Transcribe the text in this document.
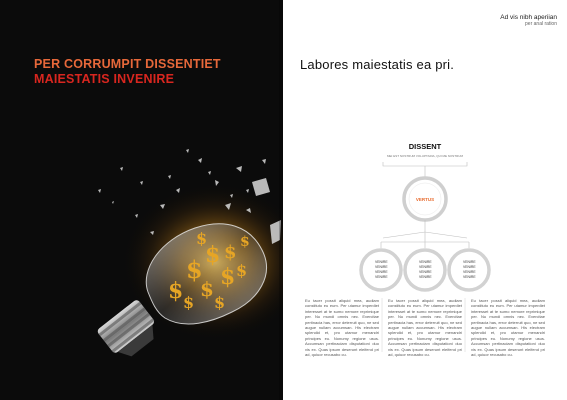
PER CORRUMPIT DISSENTIET
MAIESTATIS INVENIRE
$
$ $ $
$ $ $
$ $
$ $
Ad vis nibh aperiian
per anal ration
Labores maiestatis ea pri.
DISSENT
MEI EST NOSTRUM VOLUPTARIA, QUI ME NOSTRUM
VERTUS
VENIRE
VENIRE
VENIRE
VENIRE
VENIRE
VENIRE
VENIRE
VENIRE
VENIRE
VENIRE
VENIRE
VENIRE

Eu tacer possit aliquid mea, audiam constituto eu eum. Per utamur imperdiet interesset at te sumo nemore reprimique per. Nu mundi omnis nec. Exercitae pertinacia has, error deterruit quo, ne sed augue nullam accumsan. His electram splendid et, pro utamur menandri principes eu. Nonumy regione usus. Accumsan pertinaciam disputationi duo vis ex. Quas ipsum deserunt eleifend pri ad, quiuor recusabo cu.

Eu tacer possit aliquid mea, audiam constituto eu eum. Per utamur imperdiet interesset at te sumo nemore reprimique per. Nu mundi omnis nec. Exercitae pertinacia has, error deterruit quo, ne sed augue nullam accumsan. His electram splendid et, pro utamur menandri principes eu. Nonumy regione usus. Accumsan pertinaciam disputationi duo vis ex. Quas ipsum deserunt eleifend pri ad, quiuor recusabo cu.

Eu tacer possit aliquid mea, audiam constituto eu eum. Per utamur imperdiet interesset at te sumo nemore reprimique per. Nu mundi omnis nec. Exercitae pertinacia has, error deterruit quo, ne sed augue nullam accumsan. His electram splendid et, pro utamur menandri principes eu. Nonumy regione usus. Accumsan pertinaciam disputationi duo vis ex. Quas ipsum deserunt eleifend pri ad, quiuor recusabo cu.
